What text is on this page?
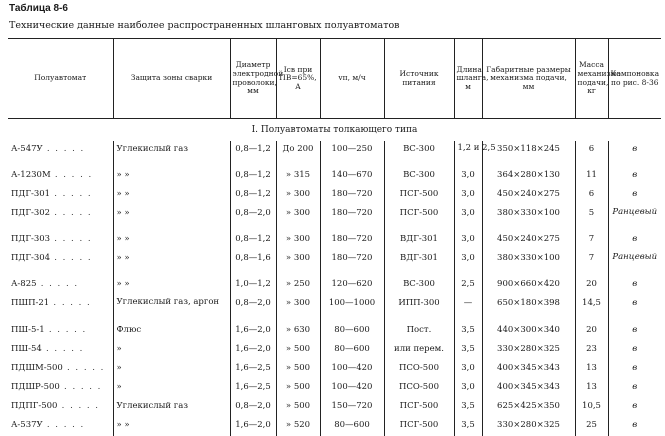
Таблица 8-6
Технические данные наиболее распространенных шланговых полуавтоматов
Полуавтомат	Защита зоны сварки	Диаметр электродной проволоки, мм	Iсв при ПВ=65%, А	vп, м/ч	Источник питания	Длина шланга, м	Габаритные размеры механизма подачи, мм	Масса механизма подачи, кг	Компоновка по рис. 8-36
I. Полуавтоматы толкающего типа									
А-547У . . . . .	Углекислый газ	0,8—1,2	До 200	100—250	ВС-300	1,2 и 2,5	350×118×245	6	в
А-1230М . . . . .	» »	0,8—1,2	» 315	140—670	ВС-300	3,0	364×280×130	11	в
ПДГ-301 . . . . .	» »	0,8—1,2	» 300	180—720	ПСГ-500	3,0	450×240×275	6	в
ПДГ-302 . . . . .	» »	0,8—2,0	» 300	180—720	ПСГ-500	3,0	380×330×100	5	Ранцевый
ПДГ-303 . . . . .	» »	0,8—1,2	» 300	180—720	ВДГ-301	3,0	450×240×275	7	в
ПДГ-304 . . . . .	» »	0,8—1,6	» 300	180—720	ВДГ-301	3,0	380×330×100	7	Ранцевый
А-825 . . . . .	» »	1,0—1,2	» 250	120—620	ВС-300	2,5	900×660×420	20	в
ПШП-21 . . . . .	Углекислый газ, аргон	0,8—2,0	» 300	100—1000	ИПП-300	—	650×180×398	14,5	в
ПШ-5-1 . . . . .	Флюс	1,6—2,0	» 630	80—600	Пост.	3,5	440×300×340	20	в
ПШ-54 . . . . .	»	1,6—2,0	» 500	80—600	или перем.	3,5	330×280×325	23	в
ПДШМ-500 . . . . .	»	1,6—2,5	» 500	100—420	ПСО-500	3,0	400×345×343	13	в
ПДШР-500 . . . . .	»	1,6—2,5	» 500	100—420	ПСО-500	3,0	400×345×343	13	в
ПДПГ-500 . . . . .	Углекислый газ	0,8—2,0	» 500	150—720	ПСГ-500	3,5	625×425×350	10,5	в
А-537У . . . . .	» »	1,6—2,0	» 520	80—600	ПСГ-500	3,5	330×280×325	25	в
